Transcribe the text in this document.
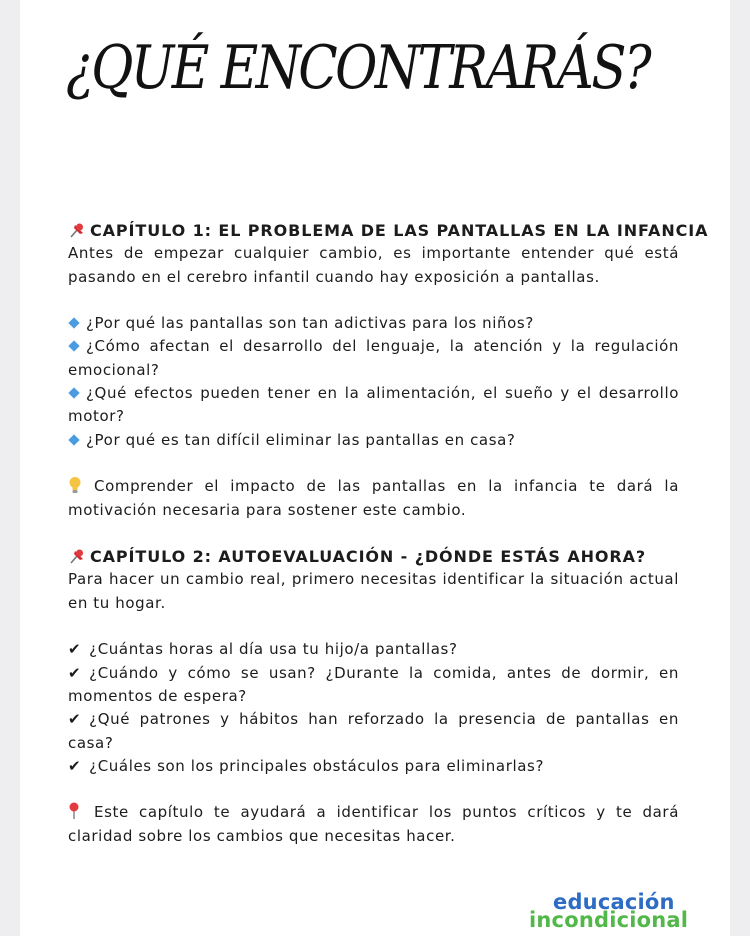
¿QUÉ ENCONTRARÁS?
CAPÍTULO 1: EL PROBLEMA DE LAS PANTALLAS EN LA INFANCIA

Antes de empezar cualquier cambio, es importante entender qué está pasando en el cerebro infantil cuando hay exposición a pantallas.

¿Por qué las pantallas son tan adictivas para los niños?
¿Cómo afectan el desarrollo del lenguaje, la atención y la regulación emocional?
¿Qué efectos pueden tener en la alimentación, el sueño y el desarrollo motor?
¿Por qué es tan difícil eliminar las pantallas en casa?

Comprender el impacto de las pantallas en la infancia te dará la motivación necesaria para sostener este cambio.

CAPÍTULO 2: AUTOEVALUACIÓN - ¿DÓNDE ESTÁS AHORA?

Para hacer un cambio real, primero necesitas identificar la situación actual en tu hogar.

✔ ¿Cuántas horas al día usa tu hijo/a pantallas?
✔ ¿Cuándo y cómo se usan? ¿Durante la comida, antes de dormir, en momentos de espera?
✔ ¿Qué patrones y hábitos han reforzado la presencia de pantallas en casa?
✔ ¿Cuáles son los principales obstáculos para eliminarlas?

Este capítulo te ayudará a identificar los puntos críticos y te dará claridad sobre los cambios que necesitas hacer.

educación
incondicional
